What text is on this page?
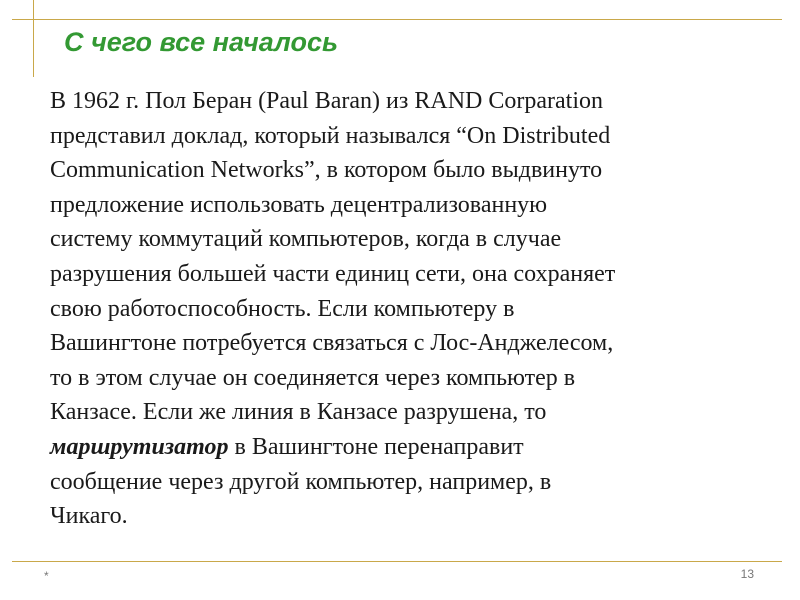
С чего все началось
В 1962 г. Пол Беран (Paul Baran) из RAND Corparation
представил доклад, который назывался “On Distributed
Communication Networks”, в котором было выдвинуто
предложение использовать децентрализованную
систему коммутаций компьютеров, когда в случае
разрушения большей части единиц сети, она сохраняет
свою работоспособность. Если компьютеру в
Вашингтоне потребуется связаться с Лос-Анджелесом,
то в этом случае он соединяется через компьютер в
Канзасе. Если же линия в Канзасе разрушена, то
маршрутизатор в Вашингтоне перенаправит
сообщение через другой компьютер, например, в
Чикаго.
*	13
